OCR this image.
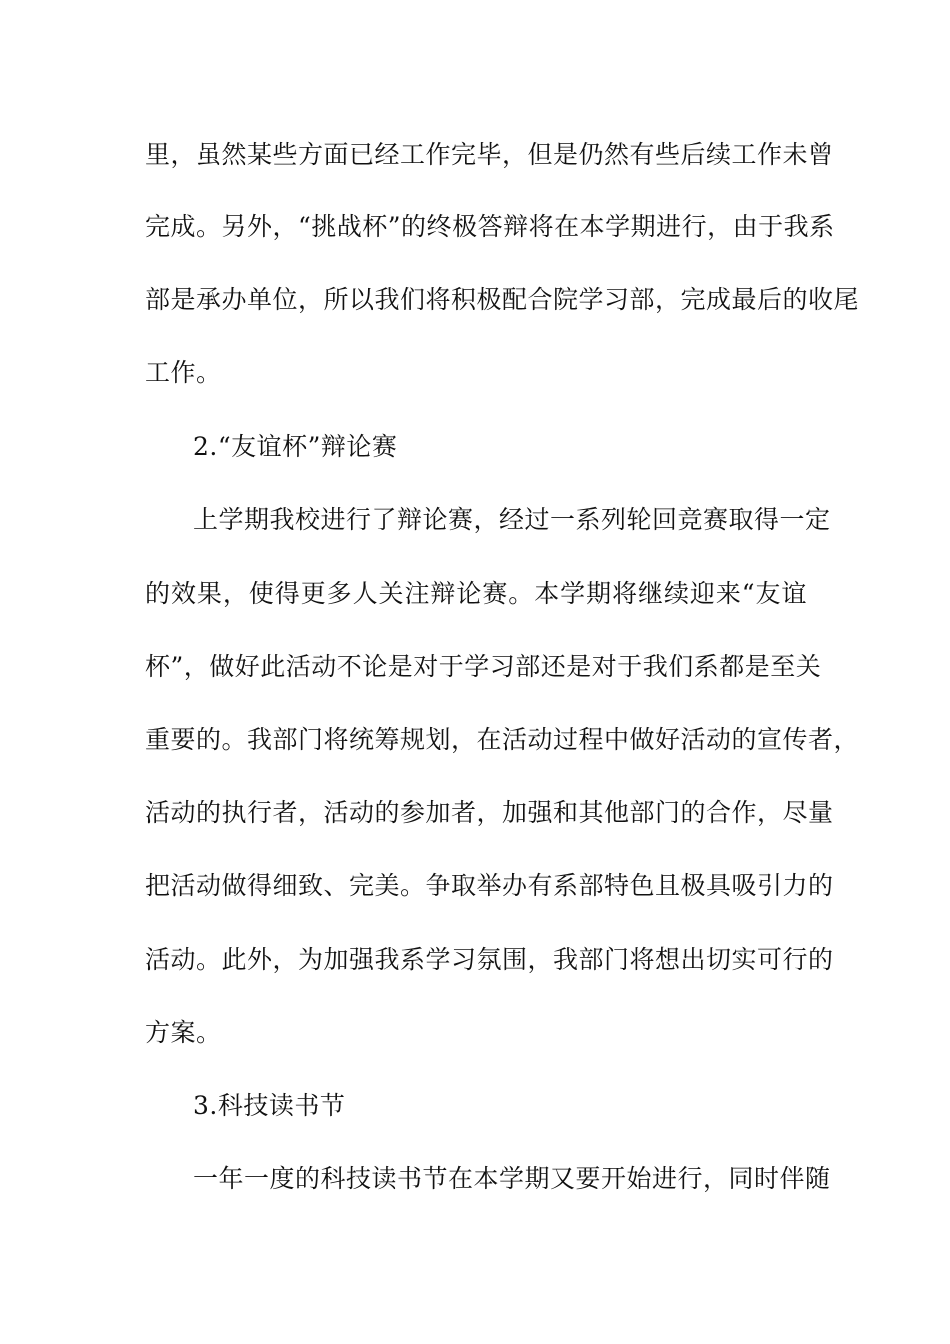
里，虽然某些方面已经工作完毕，但是仍然有些后续工作未曾
完成。另外，“挑战杯”的终极答辩将在本学期进行，由于我系
部是承办单位，所以我们将积极配合院学习部，完成最后的收尾
工作。
2.“友谊杯”辩论赛
上学期我校进行了辩论赛，经过一系列轮回竞赛取得一定
的效果，使得更多人关注辩论赛。本学期将继续迎来“友谊
杯”，做好此活动不论是对于学习部还是对于我们系都是至关
重要的。我部门将统筹规划，在活动过程中做好活动的宣传者，
活动的执行者，活动的参加者，加强和其他部门的合作，尽量
把活动做得细致、完美。争取举办有系部特色且极具吸引力的
活动。此外，为加强我系学习氛围，我部门将想出切实可行的
方案。
3.科技读书节
一年一度的科技读书节在本学期又要开始进行，同时伴随
